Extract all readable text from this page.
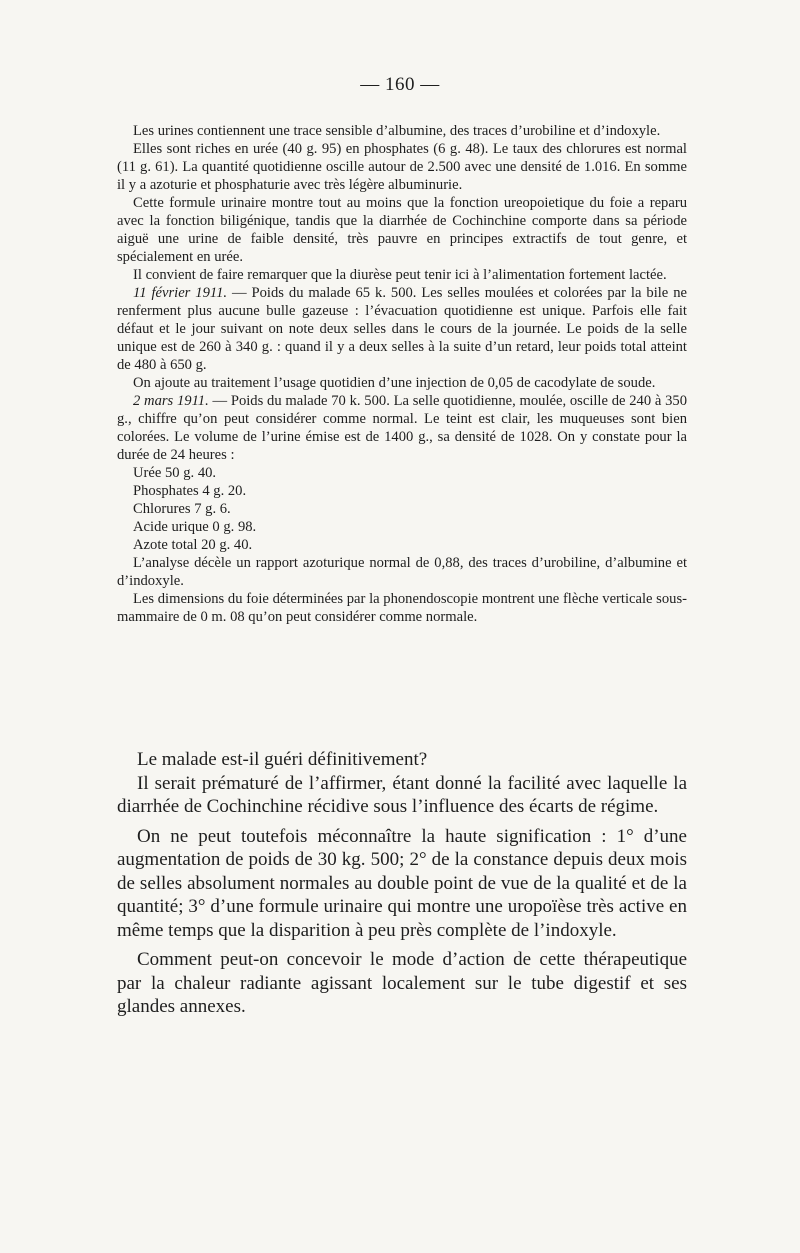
— 160 —

Les urines contiennent une trace sensible d’albumine, des traces d’urobiline et d’indoxyle.

Elles sont riches en urée (40 g. 95) en phosphates (6 g. 48). Le taux des chlorures est normal (11 g. 61). La quantité quotidienne oscille autour de 2.500 avec une densité de 1.016. En somme il y a azoturie et phosphaturie avec très légère albuminurie.

Cette formule urinaire montre tout au moins que la fonction ureopoietique du foie a reparu avec la fonction biligénique, tandis que la diarrhée de Cochinchine comporte dans sa période aiguë une urine de faible densité, très pauvre en principes extractifs de tout genre, et spécialement en urée.

Il convient de faire remarquer que la diurèse peut tenir ici à l’alimentation fortement lactée.

11 février 1911. — Poids du malade 65 k. 500. Les selles moulées et colorées par la bile ne renferment plus aucune bulle gazeuse : l’évacuation quotidienne est unique. Parfois elle fait défaut et le jour suivant on note deux selles dans le cours de la journée. Le poids de la selle unique est de 260 à 340 g. : quand il y a deux selles à la suite d’un retard, leur poids total atteint de 480 à 650 g.

On ajoute au traitement l’usage quotidien d’une injection de 0,05 de cacodylate de soude.

2 mars 1911. — Poids du malade 70 k. 500. La selle quotidienne, moulée, oscille de 240 à 350 g., chiffre qu’on peut considérer comme normal. Le teint est clair, les muqueuses sont bien colorées. Le volume de l’urine émise est de 1400 g., sa densité de 1028. On y constate pour la durée de 24 heures :

Urée 50 g. 40.
Phosphates 4 g. 20.
Chlorures 7 g. 6.
Acide urique 0 g. 98.
Azote total 20 g. 40.

L’analyse décèle un rapport azoturique normal de 0,88, des traces d’urobiline, d’albumine et d’indoxyle.

Les dimensions du foie déterminées par la phonendoscopie montrent une flèche verticale sous-mammaire de 0 m. 08 qu’on peut considérer comme normale.

Le malade est-il guéri définitivement?

Il serait prématuré de l’affirmer, étant donné la facilité avec laquelle la diarrhée de Cochinchine récidive sous l’influence des écarts de régime.

On ne peut toutefois méconnaître la haute signification : 1° d’une augmentation de poids de 30 kg. 500; 2° de la constance depuis deux mois de selles absolument normales au double point de vue de la qualité et de la quantité; 3° d’une formule urinaire qui montre une uropoïèse très active en même temps que la disparition à peu près complète de l’indoxyle.

Comment peut-on concevoir le mode d’action de cette thérapeutique par la chaleur radiante agissant localement sur le tube digestif et ses glandes annexes.
